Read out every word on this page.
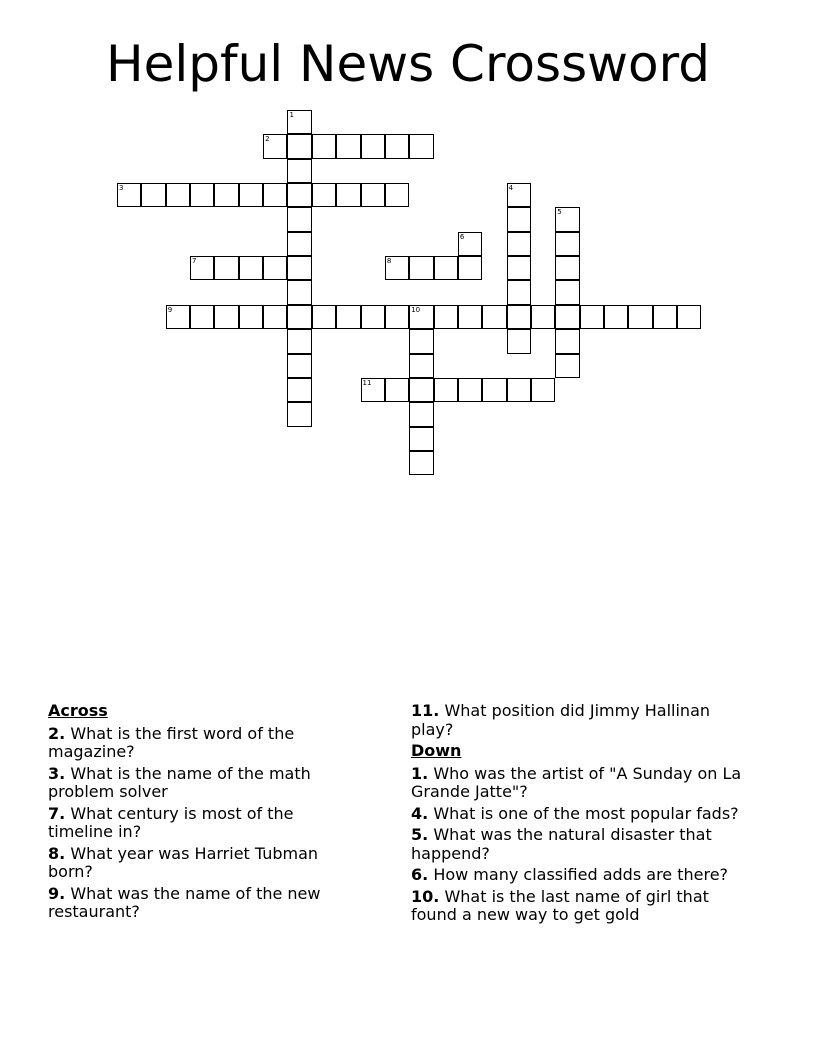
Helpful News Crossword
1
2
3	4
5
6
7	8
9	10
11
Across
2. What is the first word of the magazine?
3. What is the name of the math problem solver
7. What century is most of the timeline in?
8. What year was Harriet Tubman born?
9. What was the name of the new restaurant?
11. What position did Jimmy Hallinan play?
Down
1. Who was the artist of "A Sunday on La Grande Jatte"?
4. What is one of the most popular fads?
5. What was the natural disaster that happend?
6. How many classified adds are there?
10. What is the last name of girl that found a new way to get gold
